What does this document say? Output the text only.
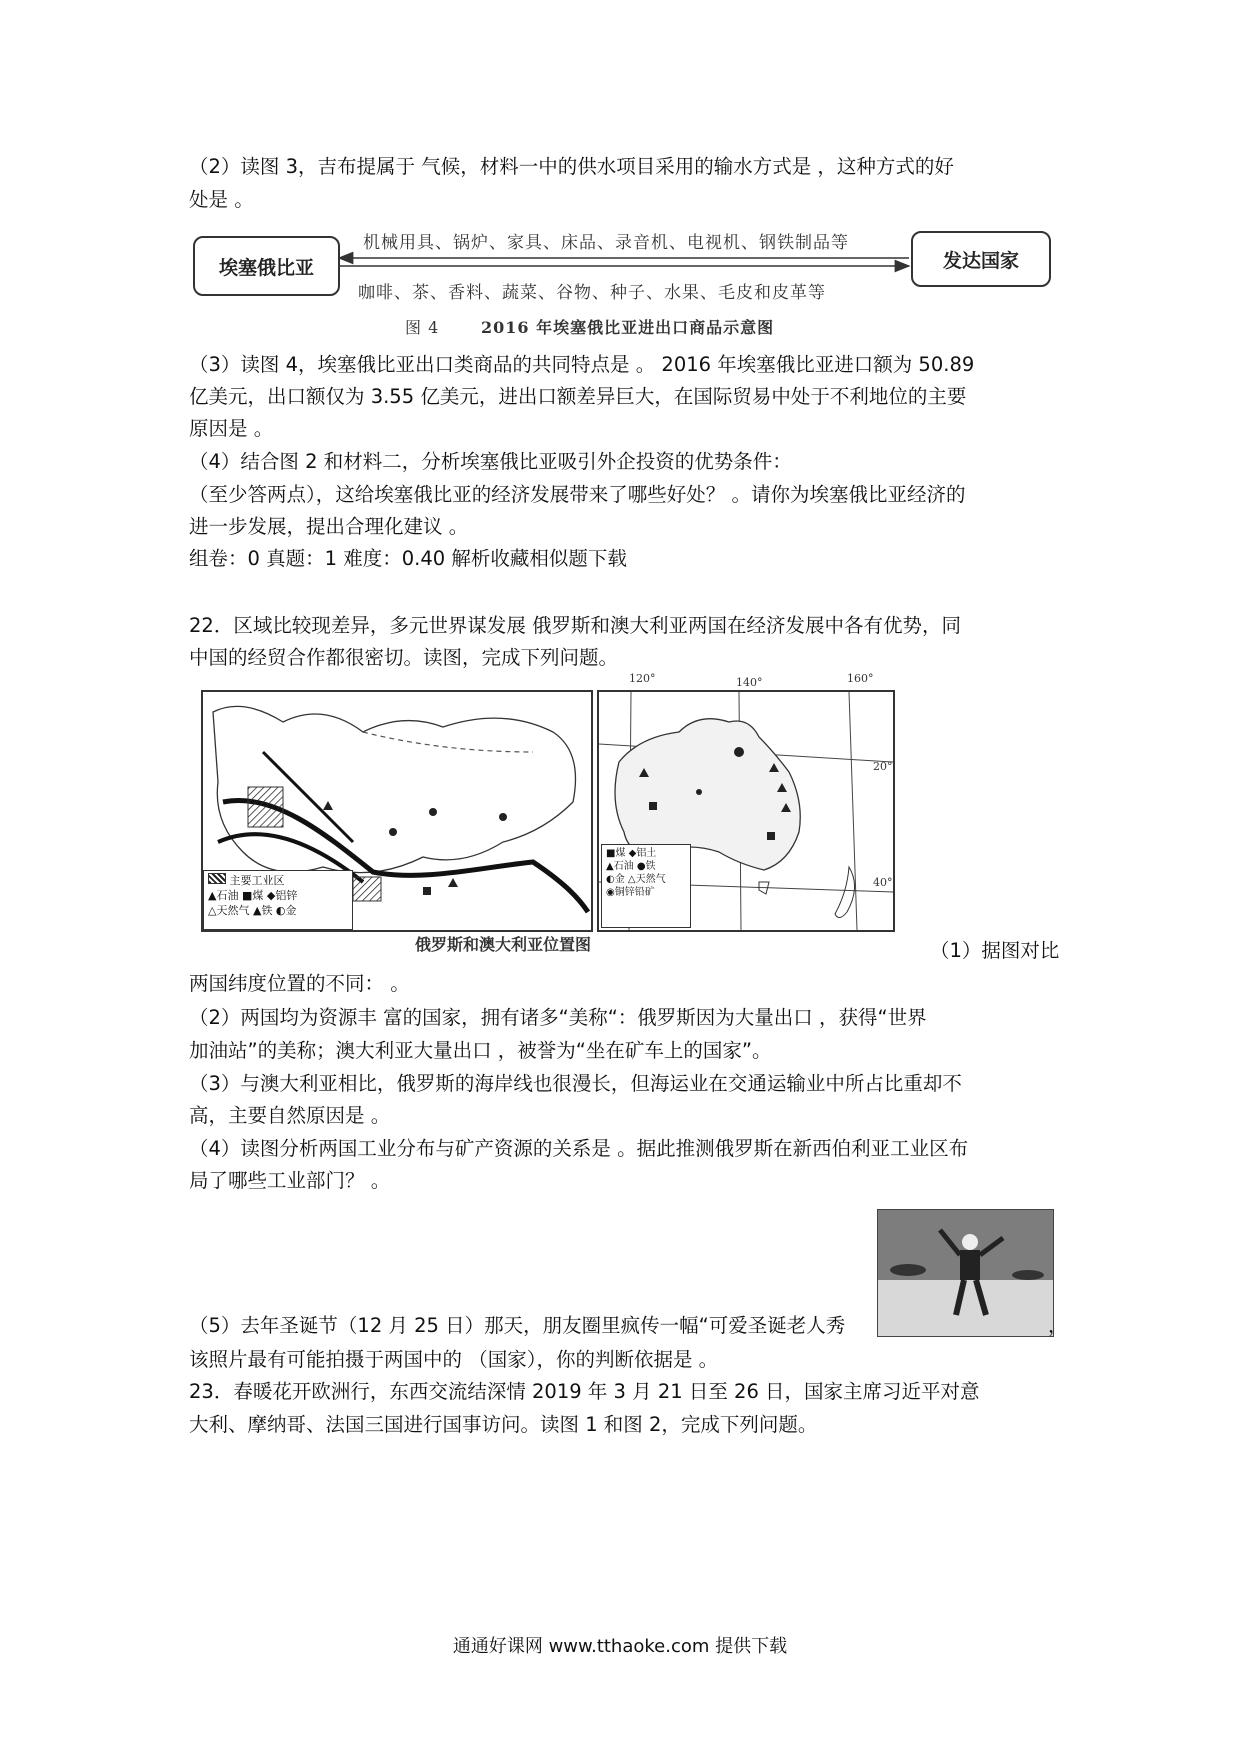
（2）读图 3，吉布提属于 气候，材料一中的供水项目采用的输水方式是 ，这种方式的好
处是 。
埃塞俄比亚	发达国家
机械用具、锅炉、家具、床品、录音机、电视机、钢铁制品等
咖啡、茶、香料、蔬菜、谷物、种子、水果、毛皮和皮革等
图 4	2016 年埃塞俄比亚进出口商品示意图
（3）读图 4，埃塞俄比亚出口类商品的共同特点是 。 2016 年埃塞俄比亚进口额为 50.89
亿美元，出口额仅为 3.55 亿美元，进出口额差异巨大，在国际贸易中处于不利地位的主要
原因是 。
（4）结合图 2 和材料二，分析埃塞俄比亚吸引外企投资的优势条件：
（至少答两点），这给埃塞俄比亚的经济发展带来了哪些好处？ 。请你为埃塞俄比亚经济的
进一步发展，提出合理化建议 。
组卷：0 真题：1 难度：0.40 解析收藏相似题下载
22．区域比较现差异，多元世界谋发展 俄罗斯和澳大利亚两国在经济发展中各有优势，同
中国的经贸合作都很密切。读图，完成下列问题。
主要工业区
▲石油 ■煤 ◆铝锌
△天然气 ▲铁 ◐金
■煤 ◆铝土
▲石油 ●铁
◐金 △天然气
◉铜锌铅矿
120°	140°	160°
20°
40°
俄罗斯和澳大利亚位置图	（1）据图对比
两国纬度位置的不同： 。
（2）两国均为资源丰 富的国家，拥有诸多“美称“：俄罗斯因为大量出口 ，获得“世界
加油站”的美称；澳大利亚大量出口 ，被誉为“坐在矿车上的国家”。
（3）与澳大利亚相比，俄罗斯的海岸线也很漫长，但海运业在交通运输业中所占比重却不
高，主要自然原因是 。
（4）读图分析两国工业分布与矿产资源的关系是 。据此推测俄罗斯在新西伯利亚工业区布
局了哪些工业部门？ 。
（5）去年圣诞节（12 月 25 日）那天，朋友圈里疯传一幅“可爱圣诞老人秀	，
该照片最有可能拍摄于两国中的 （国家），你的判断依据是 。
23．春暖花开欧洲行，东西交流结深情 2019 年 3 月 21 日至 26 日，国家主席习近平对意
大利、摩纳哥、法国三国进行国事访问。读图 1 和图 2，完成下列问题。
通通好课网 www.tthaoke.com 提供下载
